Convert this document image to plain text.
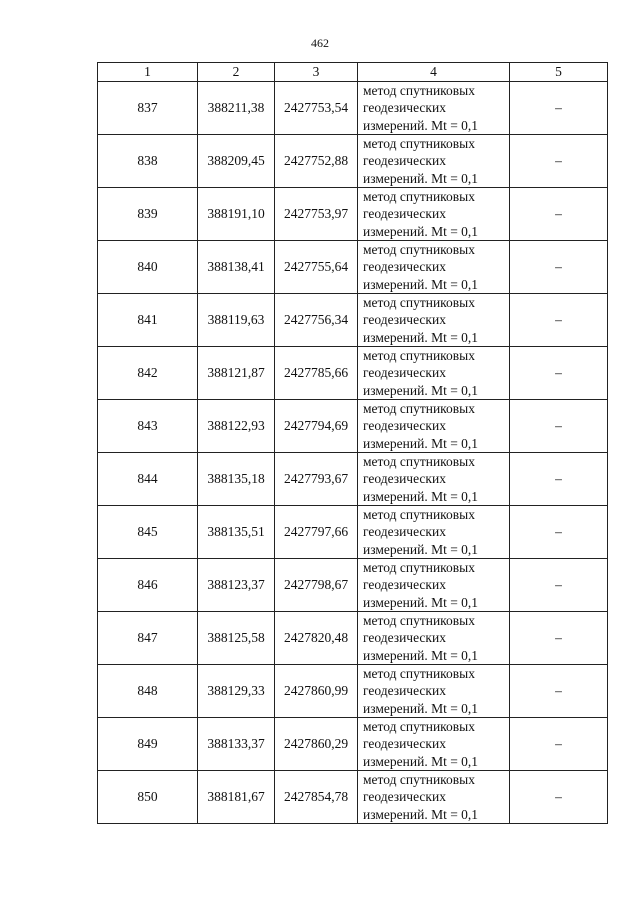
462
1	2	3	4	5
837	388211,38	2427753,54	метод спутниковых
геодезических
измерений. Mt = 0,1	–
838	388209,45	2427752,88	метод спутниковых
геодезических
измерений. Mt = 0,1	–
839	388191,10	2427753,97	метод спутниковых
геодезических
измерений. Mt = 0,1	–
840	388138,41	2427755,64	метод спутниковых
геодезических
измерений. Mt = 0,1	–
841	388119,63	2427756,34	метод спутниковых
геодезических
измерений. Mt = 0,1	–
842	388121,87	2427785,66	метод спутниковых
геодезических
измерений. Mt = 0,1	–
843	388122,93	2427794,69	метод спутниковых
геодезических
измерений. Mt = 0,1	–
844	388135,18	2427793,67	метод спутниковых
геодезических
измерений. Mt = 0,1	–
845	388135,51	2427797,66	метод спутниковых
геодезических
измерений. Mt = 0,1	–
846	388123,37	2427798,67	метод спутниковых
геодезических
измерений. Mt = 0,1	–
847	388125,58	2427820,48	метод спутниковых
геодезических
измерений. Mt = 0,1	–
848	388129,33	2427860,99	метод спутниковых
геодезических
измерений. Mt = 0,1	–
849	388133,37	2427860,29	метод спутниковых
геодезических
измерений. Mt = 0,1	–
850	388181,67	2427854,78	метод спутниковых
геодезических
измерений. Mt = 0,1	–
